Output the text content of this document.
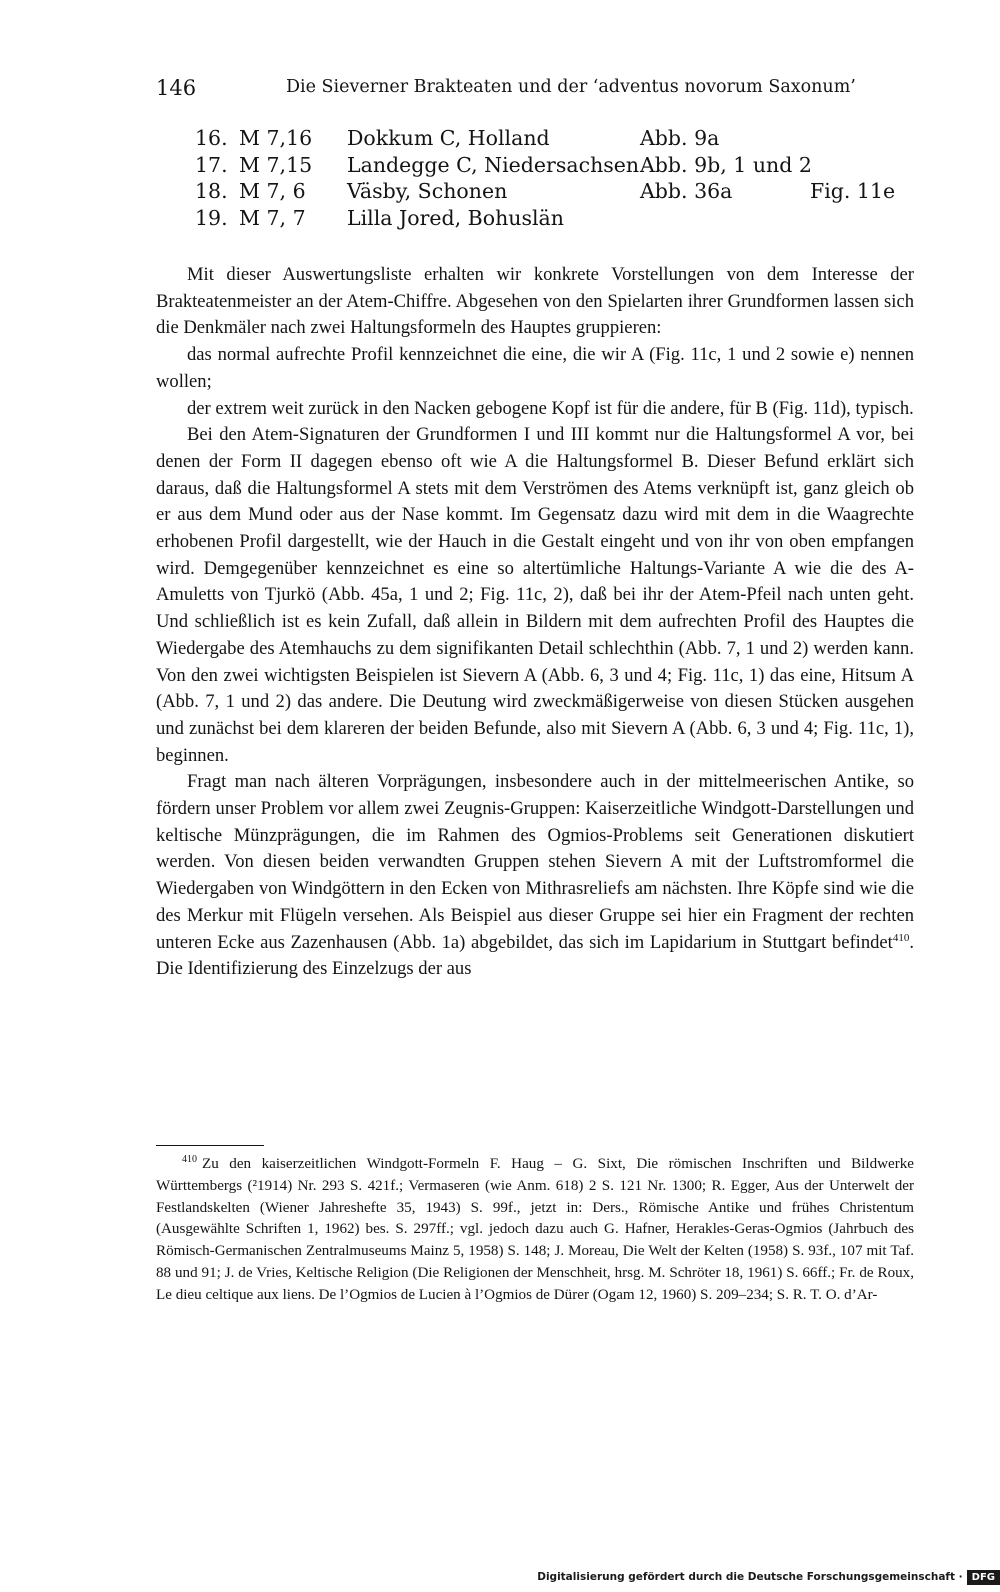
146	Die Sieverner Brakteaten und der ‘adventus novorum Saxonum’
16. M 7,16 Dokkum C, Holland	Abb. 9a
17. M 7,15 Landegge C, Niedersachsen Abb. 9b, 1 und 2
18. M 7, 6 Väsby, Schonen	Abb. 36a	Fig. 11e
19. M 7, 7 Lilla Jored, Bohuslän

Mit dieser Auswertungsliste erhalten wir konkrete Vorstellungen von dem Interesse der Brakteatenmeister an der Atem-Chiffre. Abgesehen von den Spielarten ihrer Grundformen lassen sich die Denkmäler nach zwei Haltungsformeln des Hauptes gruppieren:

das normal aufrechte Profil kennzeichnet die eine, die wir A (Fig. 11c, 1 und 2 sowie e) nennen wollen;

der extrem weit zurück in den Nacken gebogene Kopf ist für die andere, für B (Fig. 11d), typisch.

Bei den Atem-Signaturen der Grundformen I und III kommt nur die Haltungsformel A vor, bei denen der Form II dagegen ebenso oft wie A die Haltungsformel B. Dieser Befund erklärt sich daraus, daß die Haltungsformel A stets mit dem Verströmen des Atems verknüpft ist, ganz gleich ob er aus dem Mund oder aus der Nase kommt. Im Gegensatz dazu wird mit dem in die Waagrechte erhobenen Profil dargestellt, wie der Hauch in die Gestalt eingeht und von ihr von oben empfangen wird. Demgegenüber kennzeichnet es eine so altertümliche Haltungs-Variante A wie die des A-Amuletts von Tjurkö (Abb. 45a, 1 und 2; Fig. 11c, 2), daß bei ihr der Atem-Pfeil nach unten geht. Und schließlich ist es kein Zufall, daß allein in Bildern mit dem aufrechten Profil des Hauptes die Wiedergabe des Atemhauchs zu dem signifikanten Detail schlechthin (Abb. 7, 1 und 2) werden kann. Von den zwei wichtigsten Beispielen ist Sievern A (Abb. 6, 3 und 4; Fig. 11c, 1) das eine, Hitsum A (Abb. 7, 1 und 2) das andere. Die Deutung wird zweckmäßigerweise von diesen Stücken ausgehen und zunächst bei dem klareren der beiden Befunde, also mit Sievern A (Abb. 6, 3 und 4; Fig. 11c, 1), beginnen.

Fragt man nach älteren Vorprägungen, insbesondere auch in der mittelmeerischen Antike, so fördern unser Problem vor allem zwei Zeugnis-Gruppen: Kaiserzeitliche Windgott-Darstellungen und keltische Münzprägungen, die im Rahmen des Ogmios-Problems seit Generationen diskutiert werden. Von diesen beiden verwandten Gruppen stehen Sievern A mit der Luftstromformel die Wiedergaben von Windgöttern in den Ecken von Mithrasreliefs am nächsten. Ihre Köpfe sind wie die des Merkur mit Flügeln versehen. Als Beispiel aus dieser Gruppe sei hier ein Fragment der rechten unteren Ecke aus Zazenhausen (Abb. 1a) abgebildet, das sich im Lapidarium in Stuttgart befindet$^{410}$. Die Identifizierung des Einzelzugs der aus

$^{410}$ Zu den kaiserzeitlichen Windgott-Formeln F. Haug – G. Sixt, Die römischen Inschriften und Bildwerke Württembergs (²1914) Nr. 293 S. 421f.; Vermaseren (wie Anm. 618) 2 S. 121 Nr. 1300; R. Egger, Aus der Unterwelt der Festlandskelten (Wiener Jahreshefte 35, 1943) S. 99f., jetzt in: Ders., Römische Antike und frühes Christentum (Ausgewählte Schriften 1, 1962) bes. S. 297ff.; vgl. jedoch dazu auch G. Hafner, Herakles-Geras-Ogmios (Jahrbuch des Römisch-Germanischen Zentralmuseums Mainz 5, 1958) S. 148; J. Moreau, Die Welt der Kelten (1958) S. 93f., 107 mit Taf. 88 und 91; J. de Vries, Keltische Religion (Die Religionen der Menschheit, hrsg. M. Schröter 18, 1961) S. 66ff.; Fr. de Roux, Le dieu celtique aux liens. De l’Ogmios de Lucien à l’Ogmios de Dürer (Ogam 12, 1960) S. 209–234; S. R. T. O. d’Ar-

Digitalisierung gefördert durch die Deutsche Forschungsgemeinschaft · DFG
